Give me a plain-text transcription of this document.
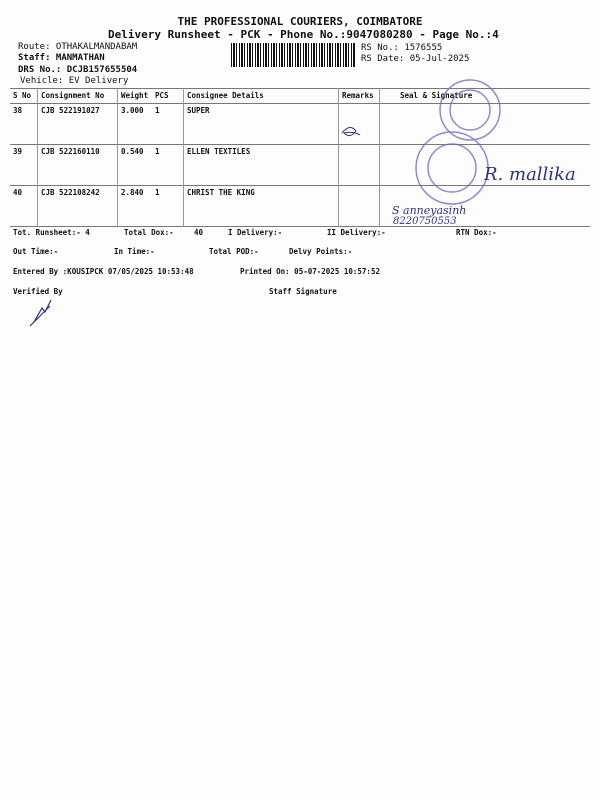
THE PROFESSIONAL COURIERS, COIMBATORE
Delivery Runsheet - PCK - Phone No.:9047080280 - Page No.:4
Route: OTHAKALMANDABAM
Staff: MANMATHAN
DRS No.: DCJB157655504
Vehicle: EV Delivery
RS No.: 1576555
RS Date: 05-Jul-2025
S No	Consignment No	Weight	PCS	Consignee Details	Remarks	Seal & Signature
38	CJB 522191027	3.000	1	SUPER		
39	CJB 522160110	0.540	1	ELLEN TEXTILES		
40	CJB 522108242	2.840	1	CHRIST THE KING		
R. mallika
S anneyasinh
8220750553
Tot. Runsheet:- 4	Total Dox:-	40	I Delivery:-	II Delivery:-	RTN Dox:-
Out Time:-	In Time:-	Total POD:-	Delvy Points:-
Entered By :KOUSIPCK 07/05/2025 10:53:48	Printed On: 05-07-2025 10:57:52
Verified By	Staff Signature
